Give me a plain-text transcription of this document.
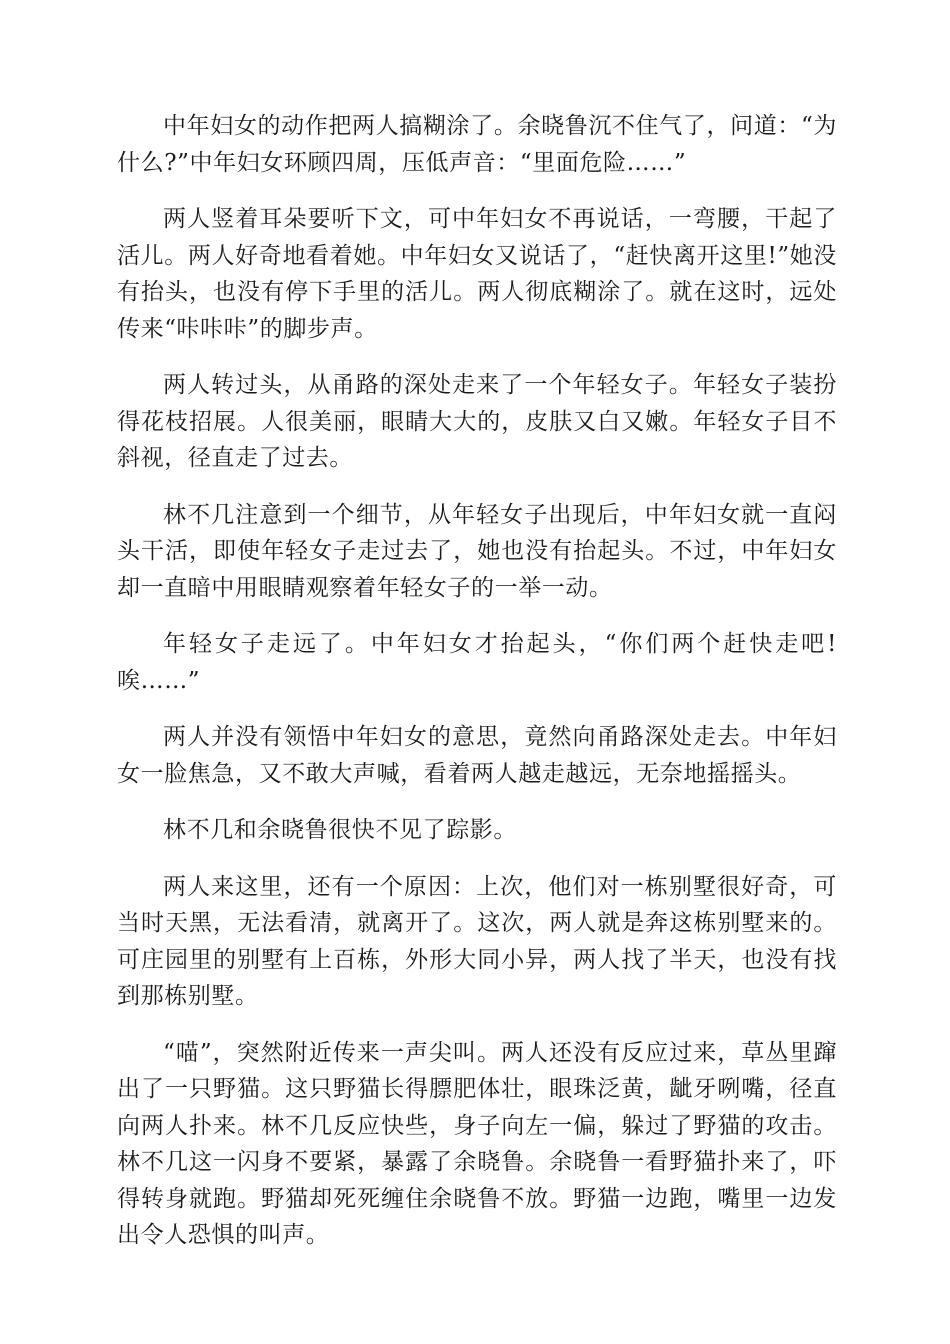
中年妇女的动作把两人搞糊涂了。余晓鲁沉不住气了，问道：“为什么?”中年妇女环顾四周，压低声音：“里面危险……”

两人竖着耳朵要听下文，可中年妇女不再说话，一弯腰，干起了活儿。两人好奇地看着她。中年妇女又说话了，“赶快离开这里!”她没有抬头，也没有停下手里的活儿。两人彻底糊涂了。就在这时，远处传来“咔咔咔”的脚步声。

两人转过头，从甬路的深处走来了一个年轻女子。年轻女子装扮得花枝招展。人很美丽，眼睛大大的，皮肤又白又嫩。年轻女子目不斜视，径直走了过去。

林不几注意到一个细节，从年轻女子出现后，中年妇女就一直闷头干活，即使年轻女子走过去了，她也没有抬起头。不过，中年妇女却一直暗中用眼睛观察着年轻女子的一举一动。

年轻女子走远了。中年妇女才抬起头，“你们两个赶快走吧!唉……”

两人并没有领悟中年妇女的意思，竟然向甬路深处走去。中年妇女一脸焦急，又不敢大声喊，看着两人越走越远，无奈地摇摇头。

林不几和余晓鲁很快不见了踪影。

两人来这里，还有一个原因：上次，他们对一栋别墅很好奇，可当时天黑，无法看清，就离开了。这次，两人就是奔这栋别墅来的。可庄园里的别墅有上百栋，外形大同小异，两人找了半天，也没有找到那栋别墅。

“喵”，突然附近传来一声尖叫。两人还没有反应过来，草丛里蹿出了一只野猫。这只野猫长得膘肥体壮，眼珠泛黄，龇牙咧嘴，径直向两人扑来。林不几反应快些，身子向左一偏，躲过了野猫的攻击。林不几这一闪身不要紧，暴露了余晓鲁。余晓鲁一看野猫扑来了，吓得转身就跑。野猫却死死缠住余晓鲁不放。野猫一边跑，嘴里一边发出令人恐惧的叫声。
